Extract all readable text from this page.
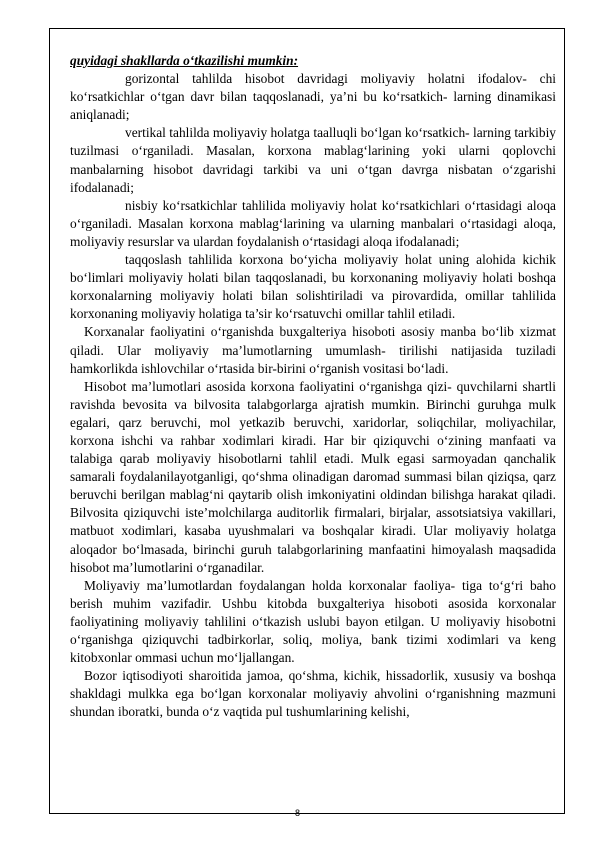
quyidagi shakllarda o‘tkazilishi mumkin:

gorizontal tahlilda hisobot davridagi moliyaviy holatni ifodalov- chi ko‘rsatkichlar o‘tgan davr bilan taqqoslanadi, ya’ni bu ko‘rsatkich- larning dinamikasi aniqlanadi;

vertikal tahlilda moliyaviy holatga taalluqli bo‘lgan ko‘rsatkich- larning tarkibiy tuzilmasi o‘rganiladi. Masalan, korxona mablag‘larining yoki ularni qoplovchi manbalarning hisobot davridagi tarkibi va uni o‘tgan davrga nisbatan o‘zgarishi ifodalanadi;

nisbiy ko‘rsatkichlar tahlilida moliyaviy holat ko‘rsatkichlari o‘rtasidagi aloqa o‘rganiladi. Masalan korxona mablag‘larining va ularning manbalari o‘rtasidagi aloqa, moliyaviy resurslar va ulardan foydalanish o‘rtasidagi aloqa ifodalanadi;

taqqoslash tahlilida korxona bo‘yicha moliyaviy holat uning alohida kichik bo‘limlari moliyaviy holati bilan taqqoslanadi, bu korxonaning moliyaviy holati boshqa korxonalarning moliyaviy holati bilan solishtiriladi va pirovardida, omillar tahlilida korxonaning moliyaviy holatiga ta’sir ko‘rsatuvchi omillar tahlil etiladi.

Korxanalar faoliyatini o‘rganishda buxgalteriya hisoboti asosiy manba bo‘lib xizmat qiladi. Ular moliyaviy ma’lumotlarning umumlash- tirilishi natijasida tuziladi hamkorlikda ishlovchilar o‘rtasida bir-birini o‘rganish vositasi bo‘ladi.

Hisobot ma’lumotlari asosida korxona faoliyatini o‘rganishga qizi- quvchilarni shartli ravishda bevosita va bilvosita talabgorlarga ajratish mumkin. Birinchi guruhga mulk egalari, qarz beruvchi, mol yetkazib beruvchi, xaridorlar, soliqchilar, moliyachilar, korxona ishchi va rahbar xodimlari kiradi. Har bir qiziquvchi o‘zining manfaati va talabiga qarab moliyaviy hisobotlarni tahlil etadi. Mulk egasi sarmoyadan qanchalik samarali foydalanilayotganligi, qo‘shma olinadigan daromad summasi bilan qiziqsa, qarz beruvchi berilgan mablag‘ni qaytarib olish imkoniyatini oldindan bilishga harakat qiladi. Bilvosita qiziquvchi iste’molchilarga auditorlik firmalari, birjalar, assotsiatsiya vakillari, matbuot xodimlari, kasaba uyushmalari va boshqalar kiradi. Ular moliyaviy holatga aloqador bo‘lmasada, birinchi guruh talabgorlarining manfaatini himoyalash maqsadida hisobot ma’lumotlarini o‘rganadilar.

Moliyaviy ma’lumotlardan foydalangan holda korxonalar faoliya- tiga to‘g‘ri baho berish muhim vazifadir. Ushbu kitobda buxgalteriya hisoboti asosida korxonalar faoliyatining moliyaviy tahlilini o‘tkazish uslubi bayon etilgan. U moliyaviy hisobotni o‘rganishga qiziquvchi tadbirkorlar, soliq, moliya, bank tizimi xodimlari va keng kitobxonlar ommasi uchun mo‘ljallangan.

Bozor iqtisodiyoti sharoitida jamoa, qo‘shma, kichik, hissadorlik, xususiy va boshqa shakldagi mulkka ega bo‘lgan korxonalar moliyaviy ahvolini o‘rganishning mazmuni shundan iboratki, bunda o‘z vaqtida pul tushumlarining kelishi,

8
